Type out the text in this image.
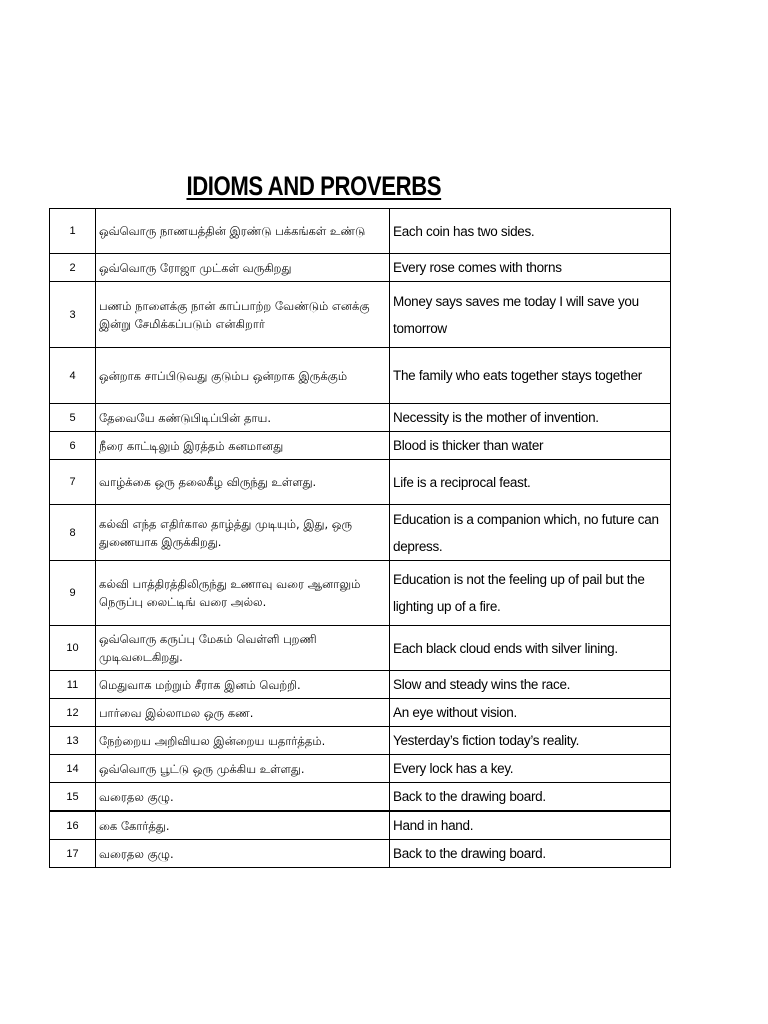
IDIOMS AND PROVERBS
1	ஒவ்வொரு நாணயத்தின் இரண்டு பக்கங்கள் உண்டு	Each coin has two sides.
2	ஒவ்வொரு ரோஜா முட்கள் வருகிறது	Every rose comes with thorns
3	பணம் நாளைக்கு நான் காப்பாற்ற வேண்டும் எனக்கு இன்று சேமிக்கப்படும் என்கிறார்	Money says saves me today I will save you tomorrow
4	ஒன்றாக சாப்பிடுவது குடும்ப ஒன்றாக இருக்கும்	The family who eats together stays together
5	தேவையே கண்டுபிடிப்பின் தாய.	Necessity is the mother of invention.
6	நீரை காட்டிலும் இரத்தம் கனமானது	Blood is thicker than water
7	வாழ்க்கை ஒரு தலைகீழ விருந்து உள்ளது.	Life is a reciprocal feast.
8	கல்வி எந்த எதிர்கால தாழ்த்து முடியும், இது, ஒரு துணையாக இருக்கிறது.	Education is a companion which, no future can depress.
9	கல்வி பாத்திரத்திலிருந்து உணாவு வரை ஆனாலும் நெருப்பு லைட்டிங் வரை அல்ல.	Education is not the feeling up of pail but the lighting up of a fire.
10	ஒவ்வொரு கருப்பு மேகம் வெள்ளி புறணி முடிவடைகிறது.	Each black cloud ends with silver lining.
11	மெதுவாக மற்றும் சீராக இனம் வெற்றி.	Slow and steady wins the race.
12	பார்வை இல்லாமல ஒரு கண.	An eye without vision.
13	நேற்றைய அறிவியல இன்றைய யதார்த்தம்.	Yesterday’s fiction today’s reality.
14	ஒவ்வொரு பூட்டு ஒரு முக்கிய உள்ளது.	Every lock has a key.
15	வரைதல குழு.	Back to the drawing board.
16	கை கோர்த்து.	Hand in hand.
17	வரைதல குழு.	Back to the drawing board.
